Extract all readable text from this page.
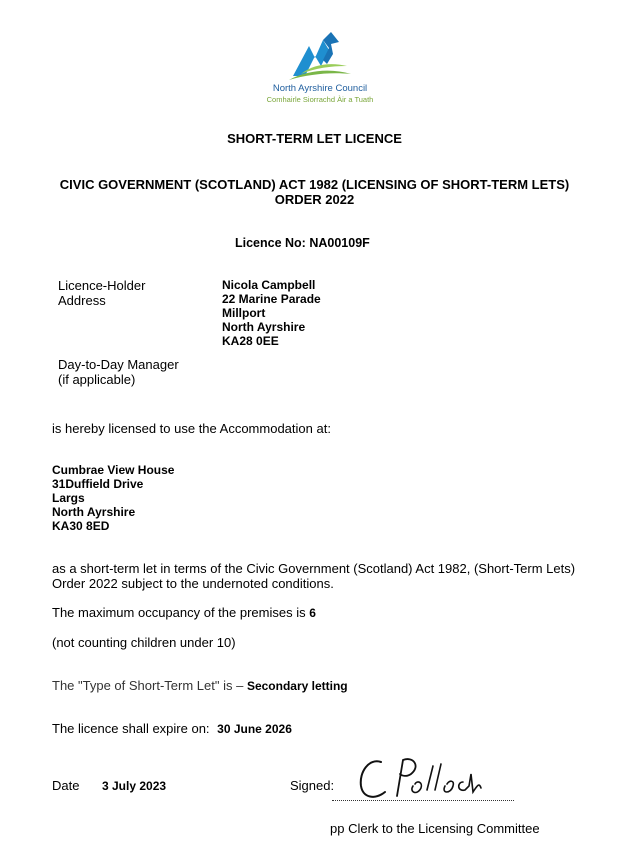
North Ayrshire Council
Comhairle Siorrachd Àir a Tuath
SHORT-TERM LET LICENCE
CIVIC GOVERNMENT (SCOTLAND) ACT 1982 (LICENSING OF SHORT-TERM LETS)
ORDER 2022
Licence No: NA00109F
Licence-Holder
Address
Nicola Campbell
22 Marine Parade
Millport
North Ayrshire
KA28 0EE
Day-to-Day Manager
(if applicable)
is hereby licensed to use the Accommodation at:
Cumbrae View House
31Duffield Drive
Largs
North Ayrshire
KA30 8ED
as a short-term let in terms of the Civic Government (Scotland) Act 1982, (Short-Term Lets)
Order 2022 subject to the undernoted conditions.
The maximum occupancy of the premises is 6
(not counting children under 10)
The "Type of Short-Term Let" is – Secondary letting
The licence shall expire on: 30 June 2026
Date 3 July 2023	Signed:
pp Clerk to the Licensing Committee
